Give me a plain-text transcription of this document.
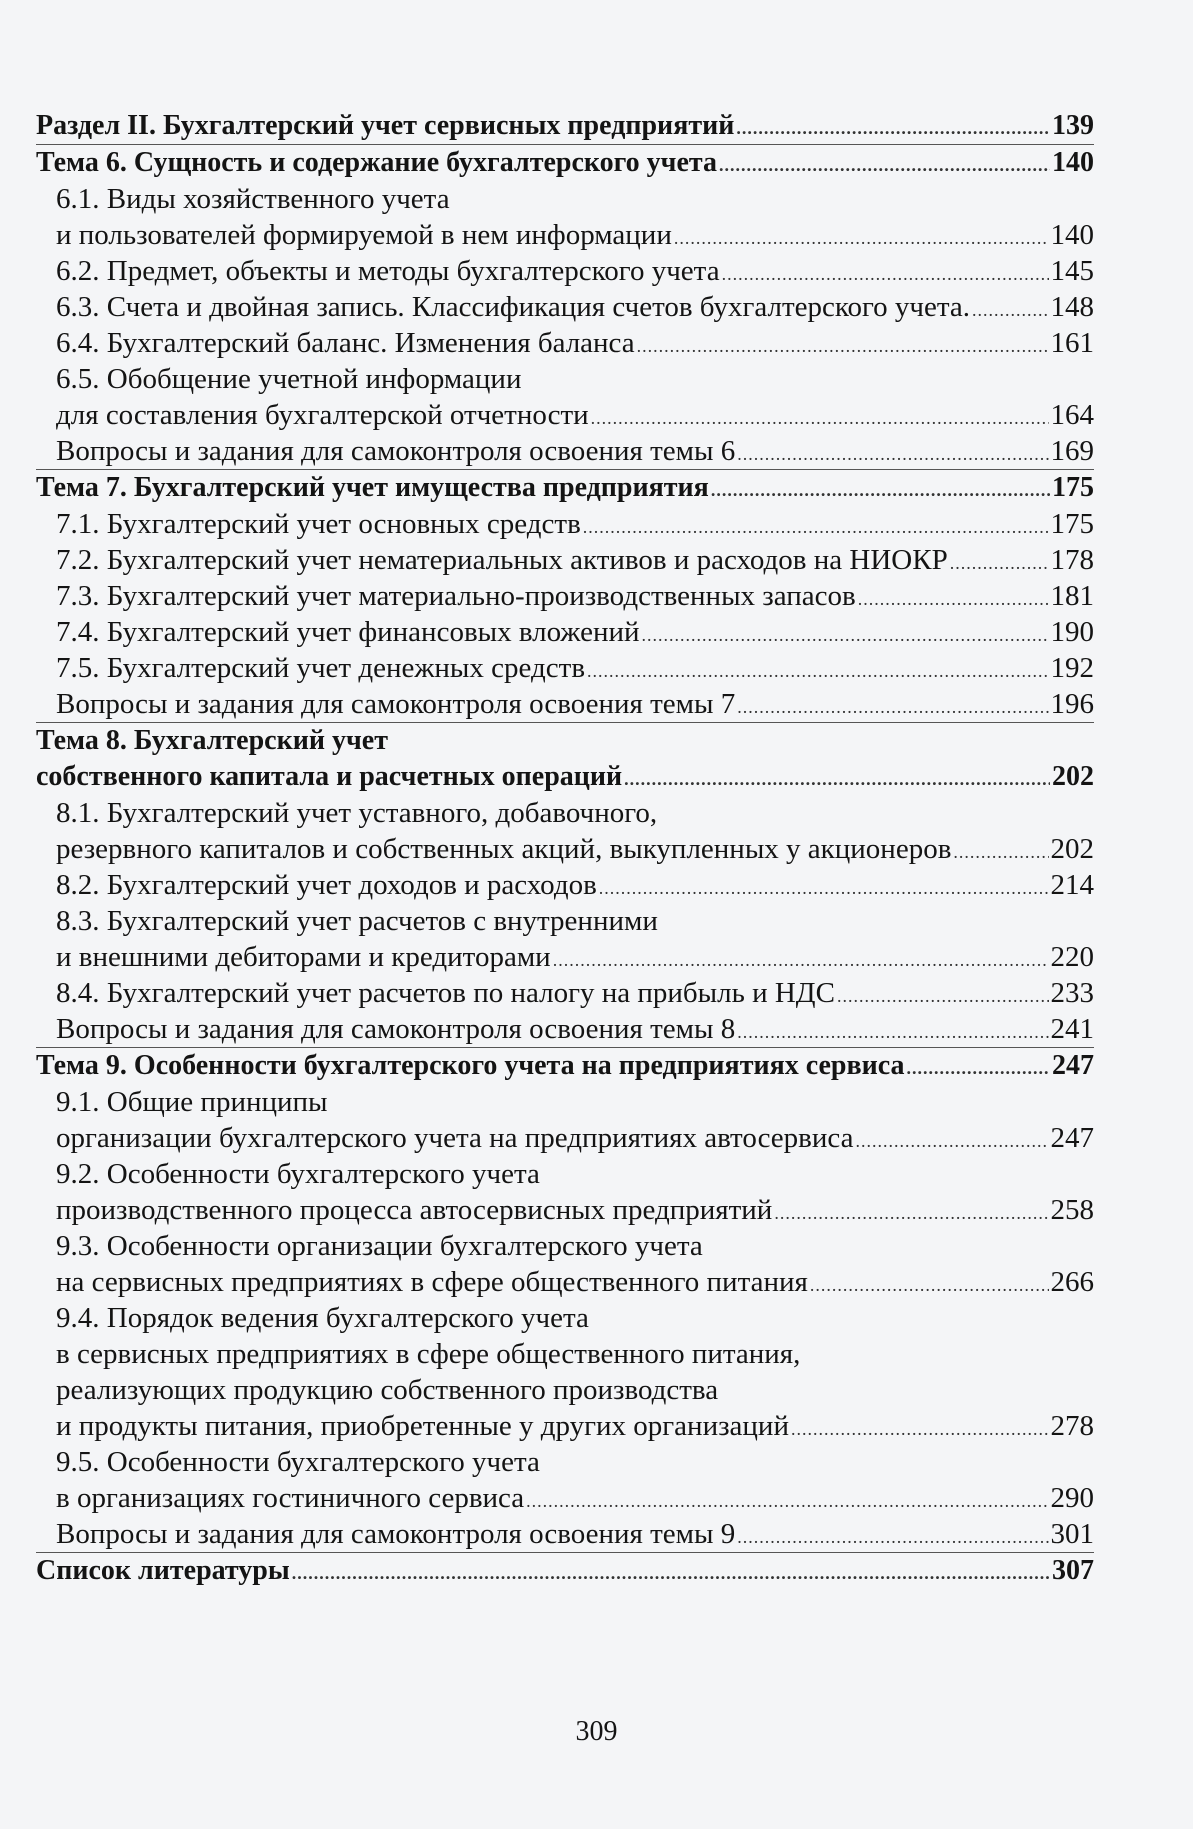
Раздел II. Бухгалтерский учет сервисных предприятий .....	139
Тема 6. Сущность и содержание бухгалтерского учета .....	140
6.1. Виды хозяйственного учета
и пользователей формируемой в нем информации .....	140
6.2. Предмет, объекты и методы бухгалтерского учета .....	145
6.3. Счета и двойная запись. Классификация счетов бухгалтерского учета. .....	148
6.4. Бухгалтерский баланс. Изменения баланса .....	161
6.5. Обобщение учетной информации
для составления бухгалтерской отчетности .....	164
Вопросы и задания для самоконтроля освоения темы 6 .....	169
Тема 7. Бухгалтерский учет имущества предприятия .....	175
7.1. Бухгалтерский учет основных средств .....	175
7.2. Бухгалтерский учет нематериальных активов и расходов на НИОКР .....	178
7.3. Бухгалтерский учет материально-производственных запасов .....	181
7.4. Бухгалтерский учет финансовых вложений .....	190
7.5. Бухгалтерский учет денежных средств .....	192
Вопросы и задания для самоконтроля освоения темы 7 .....	196
Тема 8. Бухгалтерский учет
собственного капитала и расчетных операций .....	202
8.1. Бухгалтерский учет уставного, добавочного,
резервного капиталов и собственных акций, выкупленных у акционеров .....	202
8.2. Бухгалтерский учет доходов и расходов .....	214
8.3. Бухгалтерский учет расчетов с внутренними
и внешними дебиторами и кредиторами .....	220
8.4. Бухгалтерский учет расчетов по налогу на прибыль и НДС .....	233
Вопросы и задания для самоконтроля освоения темы 8 .....	241
Тема 9. Особенности бухгалтерского учета на предприятиях сервиса .....	247
9.1. Общие принципы
организации бухгалтерского учета на предприятиях автосервиса .....	247
9.2. Особенности бухгалтерского учета
производственного процесса автосервисных предприятий .....	258
9.3. Особенности организации бухгалтерского учета
на сервисных предприятиях в сфере общественного питания .....	266
9.4. Порядок ведения бухгалтерского учета
в сервисных предприятиях в сфере общественного питания,
реализующих продукцию собственного производства
и продукты питания, приобретенные у других организаций .....	278
9.5. Особенности бухгалтерского учета
в организациях гостиничного сервиса .....	290
Вопросы и задания для самоконтроля освоения темы 9 .....	301
Список литературы .....	307
309
